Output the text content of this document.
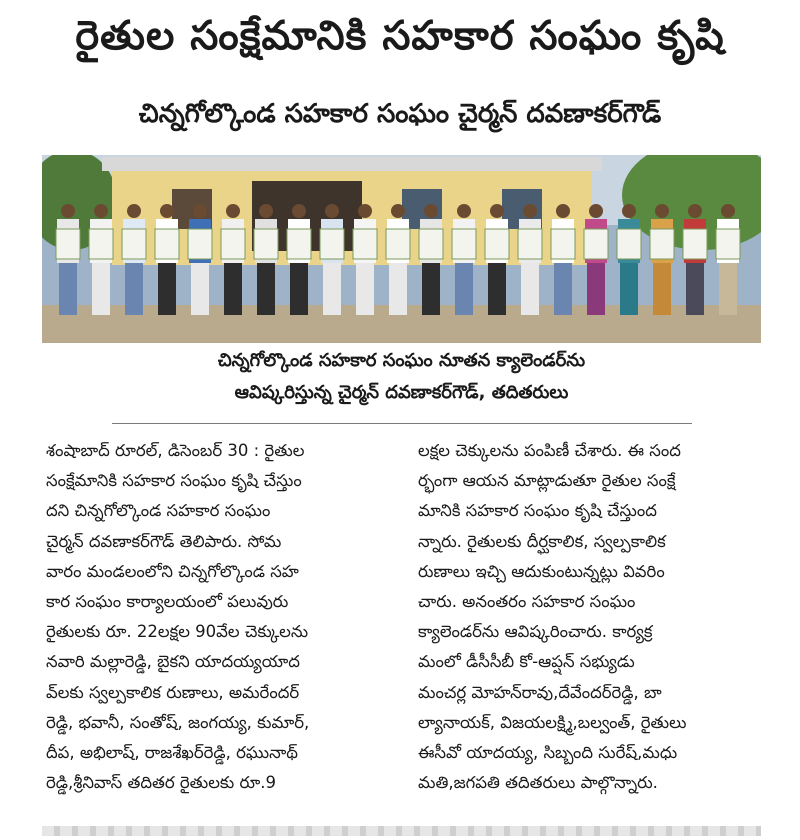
రైతుల సంక్షేమానికి సహకార సంఘం కృషి
చిన్నగోల్కొండ సహకార సంఘం చైర్మన్ దవణాకర్‌గౌడ్
చిన్నగోల్కొండ సహకార సంఘం నూతన క్యాలెండర్‌ను
ఆవిష్కరిస్తున్న చైర్మన్ దవణాకర్‌గౌడ్, తదితరులు
శంషాబాద్ రూరల్, డిసెంబర్ 30 : రైతుల
సంక్షేమానికి సహకార సంఘం కృషి చేస్తుం
దని చిన్నగోల్కొండ సహకార సంఘం
చైర్మన్ దవణాకర్‌గౌడ్ తెలిపారు. సోమ
వారం మండలంలోని చిన్నగోల్కొండ సహ
కార సంఘం కార్యాలయంలో పలువురు
రైతులకు రూ. 22లక్షల 90వేల చెక్కులను
నవారి మల్లారెడ్డి, బైకని యాదయ్యయాద
వ్‌లకు స్వల్పకాలిక రుణాలు, అమరేందర్
రెడ్డి, భవానీ, సంతోష్, జంగయ్య, కుమార్,
దీప, అభిలాష్, రాజశేఖర్‌రెడ్డి, రఘునాథ్
రెడ్డి,శ్రీనివాస్ తదితర రైతులకు రూ.9
లక్షల చెక్కులను పంపిణీ చేశారు. ఈ సంద
ర్భంగా ఆయన మాట్లాడుతూ రైతుల సంక్షే
మానికి సహకార సంఘం కృషి చేస్తుంద
న్నారు. రైతులకు దీర్ఘకాలిక, స్వల్పకాలిక
రుణాలు ఇచ్చి ఆదుకుంటున్నట్లు వివరిం
చారు. అనంతరం సహకార సంఘం
క్యాలెండర్‌ను ఆవిష్కరించారు. కార్యక్ర
మంలో డీసీసీబీ కో-ఆప్షన్ సభ్యుడు
మంచర్ల మోహన్‌రావు,దేవేందర్‌రెడ్డి, బా
ల్యానాయక్, విజయలక్ష్మి,బల్వంత్, రైతులు
ఈసీవో యాదయ్య, సిబ్బంది సురేష్,మధు
మతి,జగపతి తదితరులు పాల్గొన్నారు.
